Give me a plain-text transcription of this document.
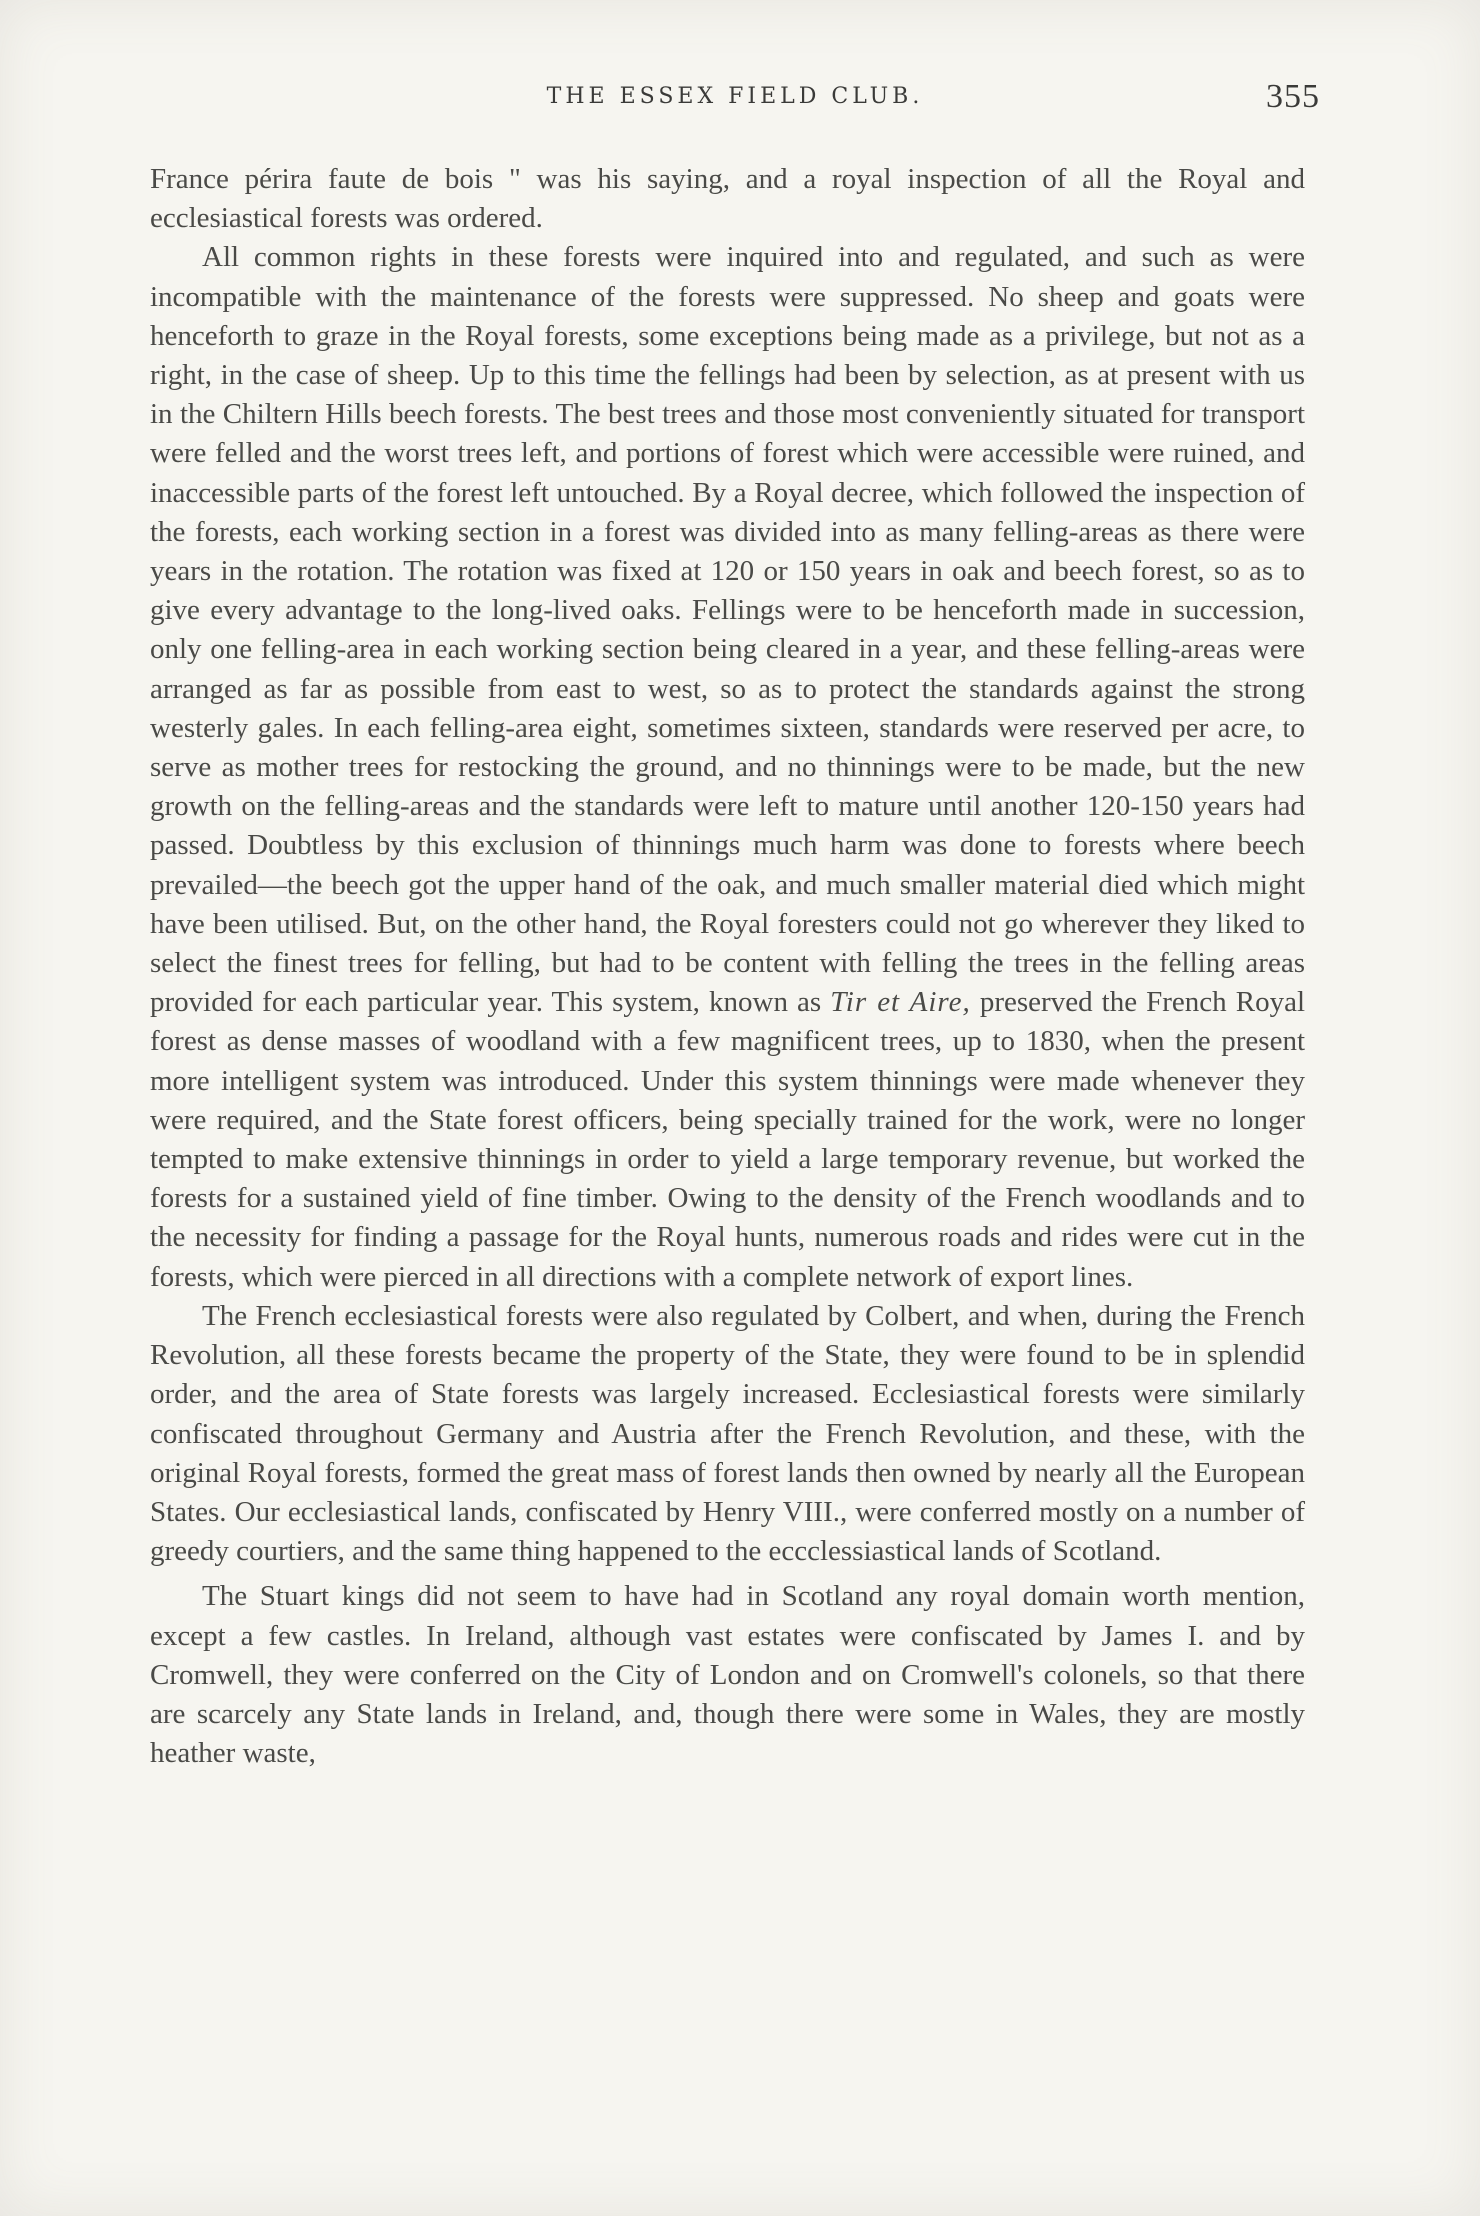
THE ESSEX FIELD CLUB.	355

France périra faute de bois " was his saying, and a royal inspection of all the Royal and ecclesiastical forests was ordered.

All common rights in these forests were inquired into and regulated, and such as were incompatible with the maintenance of the forests were suppressed. No sheep and goats were henceforth to graze in the Royal forests, some exceptions being made as a privilege, but not as a right, in the case of sheep. Up to this time the fellings had been by selection, as at present with us in the Chiltern Hills beech forests. The best trees and those most conveniently situated for transport were felled and the worst trees left, and portions of forest which were accessible were ruined, and inaccessible parts of the forest left untouched. By a Royal decree, which followed the inspection of the forests, each working section in a forest was divided into as many felling-areas as there were years in the rotation. The rotation was fixed at 120 or 150 years in oak and beech forest, so as to give every advantage to the long-lived oaks. Fellings were to be henceforth made in succession, only one felling-area in each working section being cleared in a year, and these felling-areas were arranged as far as possible from east to west, so as to protect the standards against the strong westerly gales. In each felling-area eight, sometimes sixteen, standards were reserved per acre, to serve as mother trees for restocking the ground, and no thinnings were to be made, but the new growth on the felling-areas and the standards were left to mature until another 120-150 years had passed. Doubtless by this exclusion of thinnings much harm was done to forests where beech prevailed—the beech got the upper hand of the oak, and much smaller material died which might have been utilised. But, on the other hand, the Royal foresters could not go wherever they liked to select the finest trees for felling, but had to be content with felling the trees in the felling areas provided for each particular year. This system, known as Tir et Aire, preserved the French Royal forest as dense masses of woodland with a few magnificent trees, up to 1830, when the present more intelligent system was introduced. Under this system thinnings were made whenever they were required, and the State forest officers, being specially trained for the work, were no longer tempted to make extensive thinnings in order to yield a large temporary revenue, but worked the forests for a sustained yield of fine timber. Owing to the density of the French woodlands and to the necessity for finding a passage for the Royal hunts, numerous roads and rides were cut in the forests, which were pierced in all directions with a complete network of export lines.

The French ecclesiastical forests were also regulated by Colbert, and when, during the French Revolution, all these forests became the property of the State, they were found to be in splendid order, and the area of State forests was largely increased. Ecclesiastical forests were similarly confiscated throughout Germany and Austria after the French Revolution, and these, with the original Royal forests, formed the great mass of forest lands then owned by nearly all the European States. Our ecclesiastical lands, confiscated by Henry VIII., were conferred mostly on a number of greedy courtiers, and the same thing happened to the eccclessiastical lands of Scotland.

The Stuart kings did not seem to have had in Scotland any royal domain worth mention, except a few castles. In Ireland, although vast estates were confiscated by James I. and by Cromwell, they were conferred on the City of London and on Cromwell's colonels, so that there are scarcely any State lands in Ireland, and, though there were some in Wales, they are mostly heather waste,
